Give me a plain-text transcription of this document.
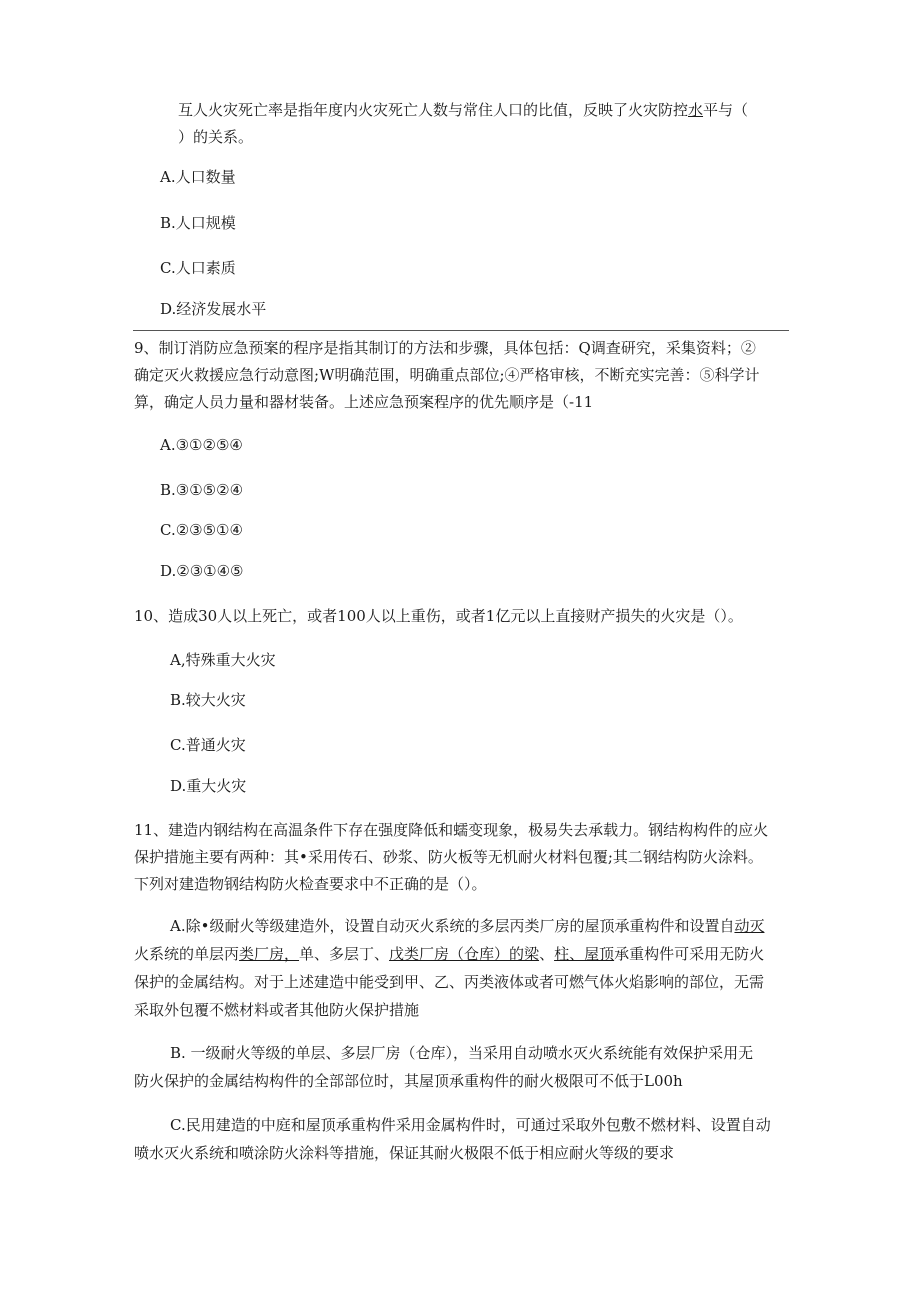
互人火灾死亡率是指年度内火灾死亡人数与常住人口的比值，反映了火灾防控水平与（
）的关系。

A.人口数量
B.人口规模
C.人口素质
D.经济发展水平

9、制订消防应急预案的程序是指其制订的方法和步骤，具体包括：Q调查研究，采集资料；②
确定灭火救援应急行动意图;W明确范围，明确重点部位;④严格审核，不断充实完善：⑤科学计
算，确定人员力量和器材装备。上述应急预案程序的优先顺序是（-11

A.③①②⑤④
B.③①⑤②④
C.②③⑤①④
D.②③①④⑤
10、造成30人以上死亡，或者100人以上重伤，或者1亿元以上直接财产损失的火灾是（）。
A,特殊重大火灾
B.较大火灾
C.普通火灾
D.重大火灾

11、建造内钢结构在高温条件下存在强度降低和蠕变现象，极易失去承载力。钢结构构件的应火
保护措施主要有两种：其•采用传石、砂浆、防火板等无机耐火材料包覆;其二钢结构防火涂料。
下列对建造物钢结构防火检查要求中不正确的是（）。

A.除•级耐火等级建造外，设置自动灭火系统的多层丙类厂房的屋顶承重构件和设置自动灭
火系统的单层丙类厂房，单、多层丁、戊类厂房（仓库）的梁、柱、屋顶承重构件可采用无防火
保护的金属结构。对于上述建造中能受到甲、乙、丙类液体或者可燃气体火焰影响的部位，无需
采取外包覆不燃材料或者其他防火保护措施

B. 一级耐火等级的单层、多层厂房（仓库），当采用自动喷水灭火系统能有效保护采用无
防火保护的金属结构构件的全部部位时，其屋顶承重构件的耐火极限可不低于L00h

C.民用建造的中庭和屋顶承重构件采用金属构件时，可通过采取外包敷不燃材料、设置自动
喷水灭火系统和喷涂防火涂料等措施，保证其耐火极限不低于相应耐火等级的要求
